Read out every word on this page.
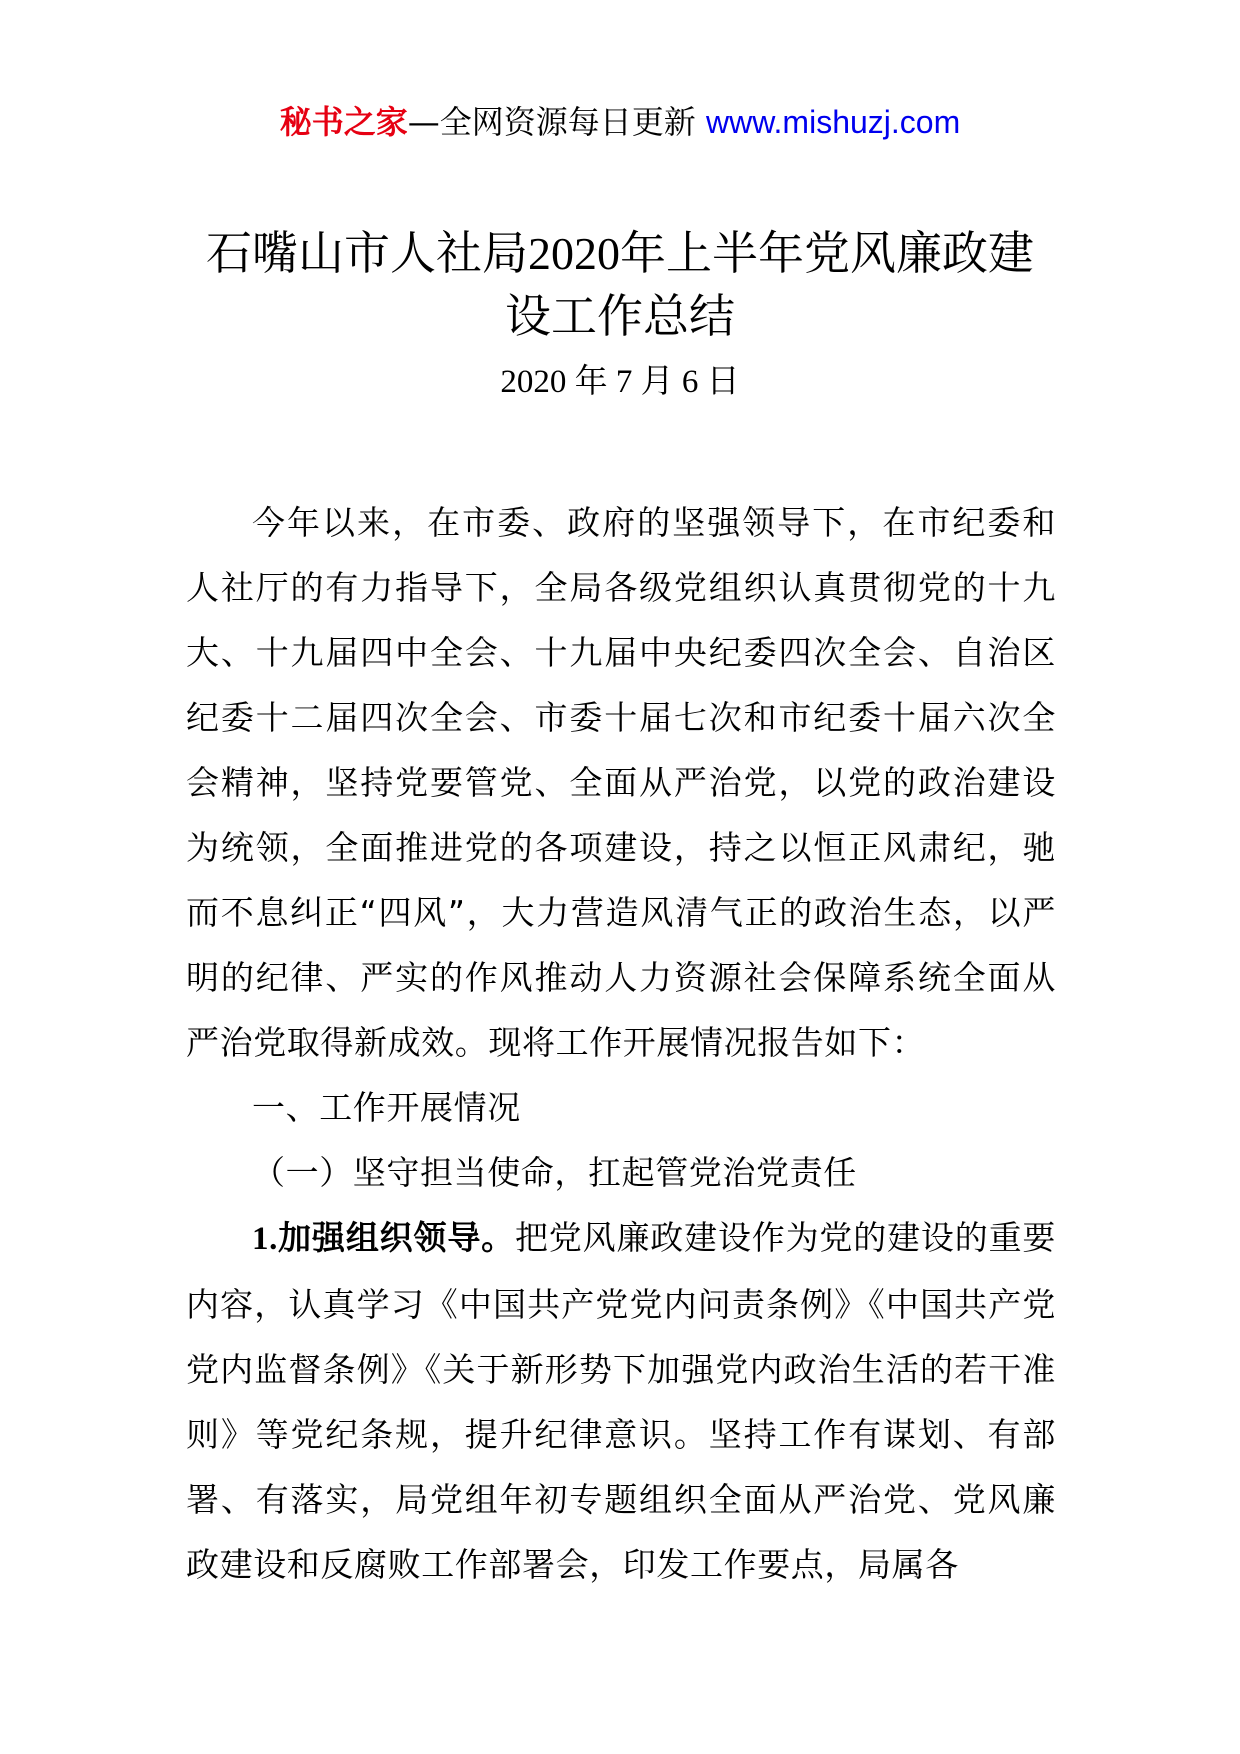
秘书之家—全网资源每日更新 www.mishuzj.com
石嘴山市人社局2020年上半年党风廉政建
设工作总结
2020 年 7 月 6 日

今年以来，在市委、政府的坚强领导下，在市纪委和人社厅的有力指导下，全局各级党组织认真贯彻党的十九大、十九届四中全会、十九届中央纪委四次全会、自治区纪委十二届四次全会、市委十届七次和市纪委十届六次全会精神，坚持党要管党、全面从严治党，以党的政治建设为统领，全面推进党的各项建设，持之以恒正风肃纪，驰而不息纠正“四风”，大力营造风清气正的政治生态，以严明的纪律、严实的作风推动人力资源社会保障系统全面从严治党取得新成效。现将工作开展情况报告如下：

一、工作开展情况

（一）坚守担当使命，扛起管党治党责任

1.加强组织领导。把党风廉政建设作为党的建设的重要内容，认真学习《中国共产党党内问责条例》《中国共产党党内监督条例》《关于新形势下加强党内政治生活的若干准则》等党纪条规，提升纪律意识。坚持工作有谋划、有部署、有落实，局党组年初专题组织全面从严治党、党风廉政建设和反腐败工作部署会，印发工作要点，局属各
